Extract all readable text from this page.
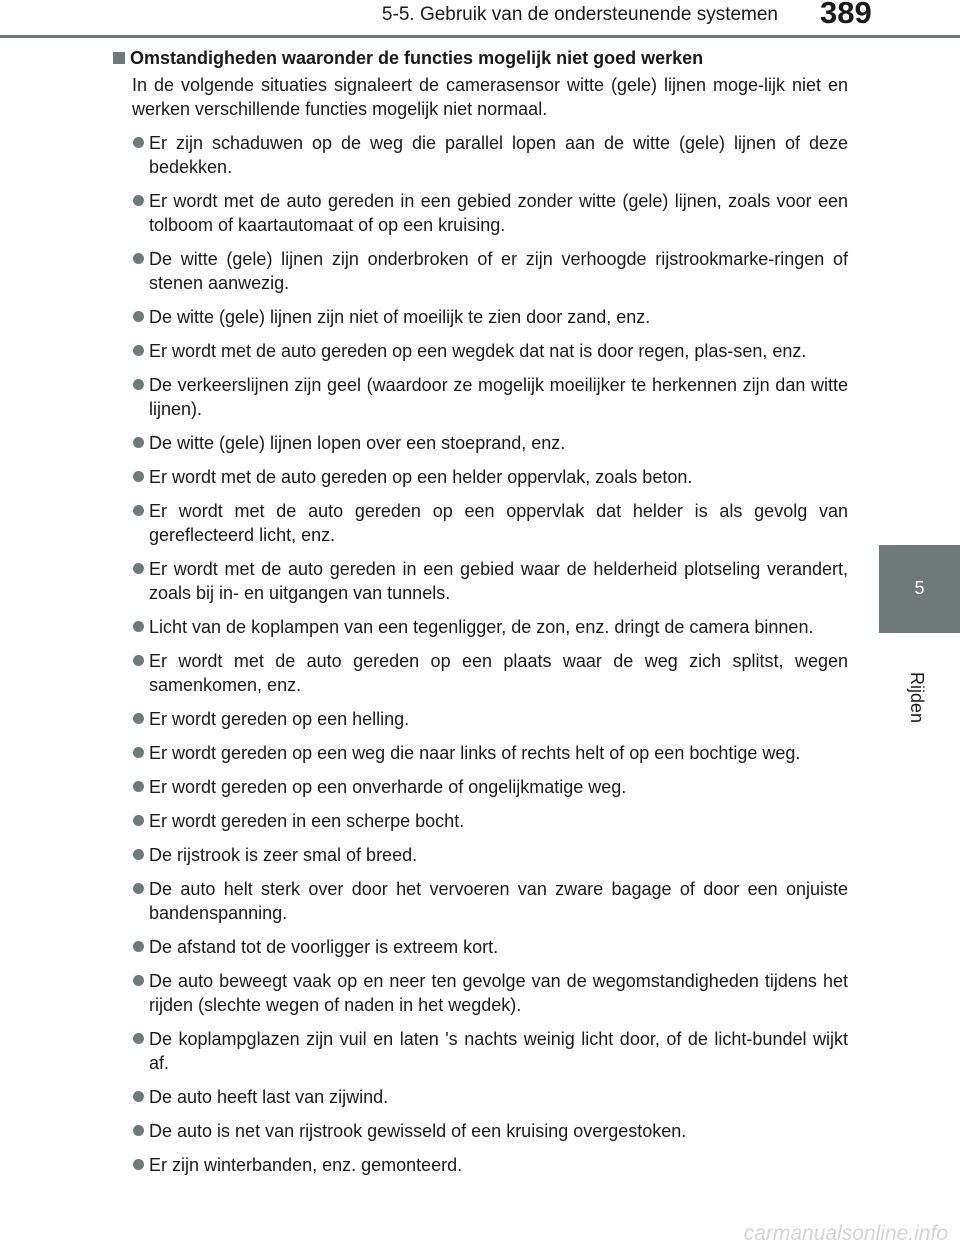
5-5. Gebruik van de ondersteunende systemen 389
5
Rijden
Omstandigheden waaronder de functies mogelijk niet goed werken
In de volgende situaties signaleert de camerasensor witte (gele) lijnen moge-lijk niet en werken verschillende functies mogelijk niet normaal.
Er zijn schaduwen op de weg die parallel lopen aan de witte (gele) lijnen of deze bedekken.
Er wordt met de auto gereden in een gebied zonder witte (gele) lijnen, zoals voor een tolboom of kaartautomaat of op een kruising.
De witte (gele) lijnen zijn onderbroken of er zijn verhoogde rijstrookmarke-ringen of stenen aanwezig.
De witte (gele) lijnen zijn niet of moeilijk te zien door zand, enz.
Er wordt met de auto gereden op een wegdek dat nat is door regen, plas-sen, enz.
De verkeerslijnen zijn geel (waardoor ze mogelijk moeilijker te herkennen zijn dan witte lijnen).
De witte (gele) lijnen lopen over een stoeprand, enz.
Er wordt met de auto gereden op een helder oppervlak, zoals beton.
Er wordt met de auto gereden op een oppervlak dat helder is als gevolg van gereflecteerd licht, enz.
Er wordt met de auto gereden in een gebied waar de helderheid plotseling verandert, zoals bij in- en uitgangen van tunnels.
Licht van de koplampen van een tegenligger, de zon, enz. dringt de camera binnen.
Er wordt met de auto gereden op een plaats waar de weg zich splitst, wegen samenkomen, enz.
Er wordt gereden op een helling.
Er wordt gereden op een weg die naar links of rechts helt of op een bochtige weg.
Er wordt gereden op een onverharde of ongelijkmatige weg.
Er wordt gereden in een scherpe bocht.
De rijstrook is zeer smal of breed.
De auto helt sterk over door het vervoeren van zware bagage of door een onjuiste bandenspanning.
De afstand tot de voorligger is extreem kort.
De auto beweegt vaak op en neer ten gevolge van de wegomstandigheden tijdens het rijden (slechte wegen of naden in het wegdek).
De koplampglazen zijn vuil en laten 's nachts weinig licht door, of de licht-bundel wijkt af.
De auto heeft last van zijwind.
De auto is net van rijstrook gewisseld of een kruising overgestoken.
Er zijn winterbanden, enz. gemonteerd.
carmanualsonline.info
